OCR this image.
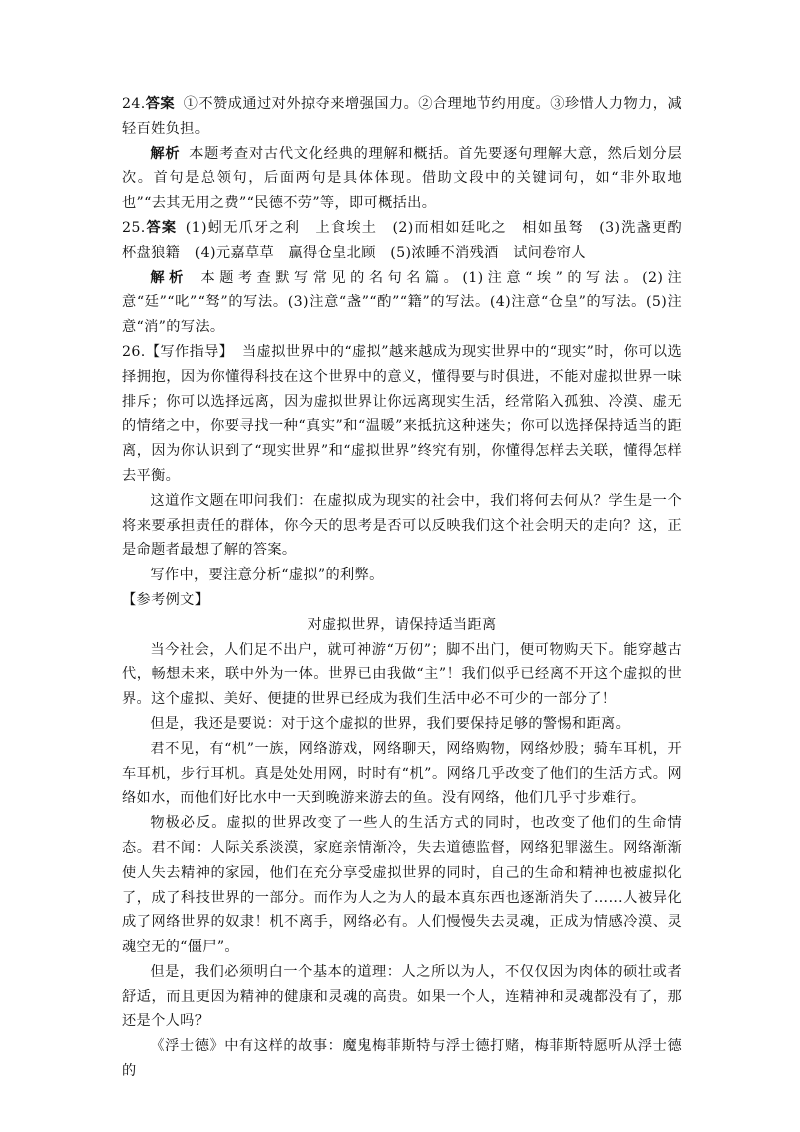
24.答案 ①不赞成通过对外掠夺来增强国力。②合理地节约用度。③珍惜人力物力，减轻百姓负担。

解析 本题考查对古代文化经典的理解和概括。首先要逐句理解大意，然后划分层次。首句是总领句，后面两句是具体体现。借助文段中的关键词句，如“非外取地也”“去其无用之费”“民德不劳”等，即可概括出。

25.答案 (1)蚓无爪牙之利　上食埃土　(2)而相如廷叱之　相如虽驽　(3)洗盏更酌　杯盘狼籍　(4)元嘉草草　赢得仓皇北顾　(5)浓睡不消残酒　试问卷帘人

解析 本题考查默写常见的名句名篇。(1)注意“埃”的写法。(2)注意“廷”“叱”“驽”的写法。(3)注意“盏”“酌”“籍”的写法。(4)注意“仓皇”的写法。(5)注意“消”的写法。

26.【写作指导】 当虚拟世界中的“虚拟”越来越成为现实世界中的“现实”时，你可以选择拥抱，因为你懂得科技在这个世界中的意义，懂得要与时俱进，不能对虚拟世界一味排斥；你可以选择远离，因为虚拟世界让你远离现实生活，经常陷入孤独、冷漠、虚无的情绪之中，你要寻找一种“真实”和“温暖”来抵抗这种迷失；你可以选择保持适当的距离，因为你认识到了“现实世界”和“虚拟世界”终究有别，你懂得怎样去关联，懂得怎样去平衡。

这道作文题在叩问我们：在虚拟成为现实的社会中，我们将何去何从？学生是一个将来要承担责任的群体，你今天的思考是否可以反映我们这个社会明天的走向？这，正是命题者最想了解的答案。

写作中，要注意分析“虚拟”的利弊。

【参考例文】

对虚拟世界，请保持适当距离

当今社会，人们足不出户，就可神游“万仞”；脚不出门，便可物购天下。能穿越古代，畅想未来，联中外为一体。世界已由我做“主”！我们似乎已经离不开这个虚拟的世界。这个虚拟、美好、便捷的世界已经成为我们生活中必不可少的一部分了！

但是，我还是要说：对于这个虚拟的世界，我们要保持足够的警惕和距离。

君不见，有“机”一族，网络游戏，网络聊天，网络购物，网络炒股；骑车耳机，开车耳机，步行耳机。真是处处用网，时时有“机”。网络几乎改变了他们的生活方式。网络如水，而他们好比水中一天到晚游来游去的鱼。没有网络，他们几乎寸步难行。

物极必反。虚拟的世界改变了一些人的生活方式的同时，也改变了他们的生命情态。君不闻：人际关系淡漠，家庭亲情渐冷，失去道德监督，网络犯罪滋生。网络渐渐使人失去精神的家园，他们在充分享受虚拟世界的同时，自己的生命和精神也被虚拟化了，成了科技世界的一部分。而作为人之为人的最本真东西也逐渐消失了……人被异化成了网络世界的奴隶！机不离手，网络必有。人们慢慢失去灵魂，正成为情感冷漠、灵魂空无的“僵尸”。

但是，我们必须明白一个基本的道理：人之所以为人，不仅仅因为肉体的硕壮或者舒适，而且更因为精神的健康和灵魂的高贵。如果一个人，连精神和灵魂都没有了，那还是个人吗？

《浮士德》中有这样的故事：魔鬼梅菲斯特与浮士德打赌，梅菲斯特愿听从浮士德的
